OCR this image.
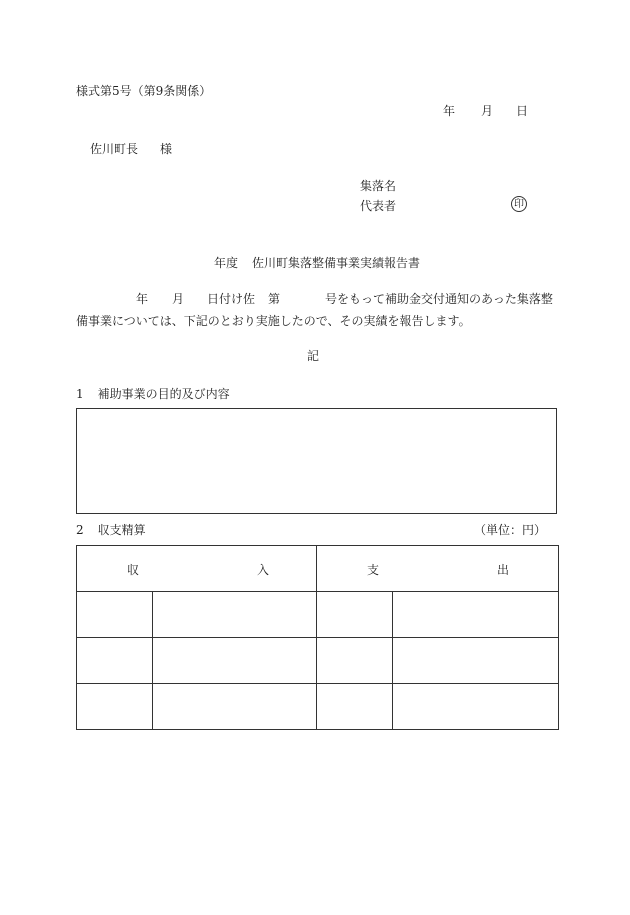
様式第5号（第9条関係）
年 月 日
佐川町長 様
集落名
代表者	印
年度 佐川町集落整備事業実績報告書
年 月 日付け佐 第	号をもって補助金交付通知のあった集落整
備事業については、下記のとおり実施したので、その実績を報告します。
記
1 補助事業の目的及び内容
2 収支精算	（単位：円）
収 入		支 出	
